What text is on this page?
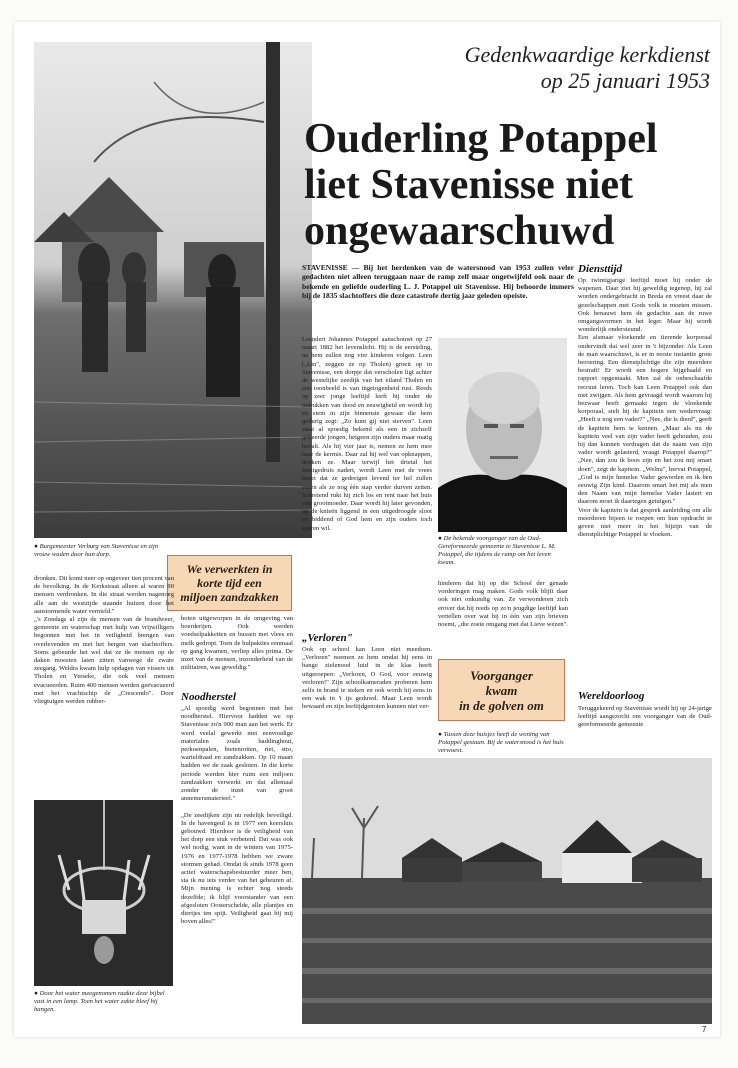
● Burgemeester Verburg van Stavenisse en zijn vrouw waden door hun dorp.
We verwerkten in
korte tijd een
miljoen zandzakken
dronken. Dit komt neer op ongeveer tien procent van de bevolking. In de Kerkstraat alleen al waren 90 mensen verdronken. In die straat werden nagenoeg alle aan de westzijde staande huizen door het aanstormende water vernield."
„'s Zondags al zijn de mensen van de brandweer, gemeente en waterschap met hulp van vrijwilligers begonnen met het in veiligheid brengen van overlevenden en met het bergen van slachtoffers. Soms gebeurde het wel dat ze de mensen op de daken moesten laten zitten vanwege de zware zeegang. Weldra kwam hulp opdagen van vissers uit Tholen en Yerseke, die ook veel mensen evacueerden. Ruim 400 mensen werden geëvacueerd met het vrachtschip de „Crescendo". Door vliegtuigen werden rubber-
● Door het water meegenomen raakte deze bijbel vast in een lamp. Toen het water zakte bleef hij hangen.
boten uitgeworpen in de omgeving van boerderijen. Ook werden voedselpakketten en bussen met vlees en melk gedropt. Toen de hulpakties eenmaal op gang kwamen, verliep alles prima. De inzet van de mensen, inzonderheid van de militairen, was geweldig."
Noodherstel
„Al spoedig werd begonnen met het noodherstel. Hiervoor hadden we op Stavenisse zo'n 900 man aan het werk. Er werd veelal gewerkt met eenvoudige materialen zoals baddinghout, perkoenpalen, bietenrotten, riet, stro, warteldraad en zandzakken. Op 10 maart hadden we de zaak gesloten. In die korte periode werden hier ruim een miljoen zandzakken verwerkt en dat allemaal zonder de inzet van groot annemersmaterieel."

„De zeedijken zijn nu redelijk beveiligd. In de havengeul is in 1977 een keersluis gebouwd. Hierdoor is de veiligheid van het dorp een stuk verbeterd. Dat was ook wel nodig, want in de winters van 1975-1976 en 1977-1978 hebben we zware stormen gehad. Omdat ik sinds 1978 geen actief waterschapsbestuurder meer ben, sta ik nu iets verder van het gebeuren af. Mijn mening is echter nog steeds dezelfde; ik blijf voorstander van een afgesloten Oosterschelde, alle plantjes en diertjes ten spijt. Veiligheid gaat bij mij boven alles!"
Gedenkwaardige kerkdienst
op 25 januari 1953
Ouderling Potappel
liet Stavenisse niet
ongewaarschuwd
STAVENISSE — Bij het herdenken van de watersnood van 1953 zullen veler gedachten niet alleen teruggaan naar de ramp zelf maar ongetwijfeld ook naar de bekende en geliefde ouderling L. J. Potappel uit Stavenisse. Hij behoorde immers bij de 1835 slachtoffers die deze catastrofe dertig jaar geleden opeiste.
Leendert Johannes Potappel aanschouwt op 27 maart 1882 het levenslicht. Hij is de eersteling, na hem zullen nog vier kinderen volgen. Leen („Lin", zeggen ze op Tholen) groeit op in Stavenisse, een dorpje dat verscholen ligt achter de westelijke zeedijk van het eiland Tholen en een toonbeeld is van ingetogenheid rust. Reeds op zeer jonge leeftijd leeft hij onder de indrukken van dood en eeuwigheid en wordt hij en stem in zijn binnenste gewaar die hem gedurig zegt: „Zo kunt gij niet sterven". Leen staat al spoedig bekend als een in zichzelf gekeerde jongen, hetgeen zijn ouders maar matig bevalt. Als hij vier jaar is, nemen ze hem mee naar de kermis. Daar zal hij wel van opknappen, denken ze. Maar terwijl het drietal het feestgedruis nadert, wordt Leen met de vrees bezet dat ze gedreigen levend ter hel zullen varen als ze nog één stap verder durven zetten. Schreiend rukt hij zich los en rent naar het huis van grootmoeder. Daar wordt hij later gevonden, op de knieën liggend in een uitgedroogde sloot en biddend of God hem en zijn ouders toch sparen wil.
„Verloren"
Ook op school kan Leen niet meedoen. „Verloren" noemen ze hem omdat hij eens in bange zielenood luid in de klas heeft uitgeroepen: „Verloren, O God, voor eeuwig verloren!" Zijn schoolkameraden proberen hem zelfs in brand te steken en ook wordt hij eens in een wak in 't ijs geduwd. Maar Leen wordt bewaard en zijn leeftijdgenoten kunnen niet ver-
● De bekende voorganger van de Oud-Gereformeerde gemeente te Stavenisse L. M. Potappel, die tijdens de ramp om het leven kwam.
hinderen dat hij op die School der genade vorderingen mag maken. Gods volk blijft daar ook niet onkundig van. Ze verwonderen zich erover dat hij reeds op zo'n jeugdige leeftijd kan vertellen over wat hij in één van zijn brieven noemt, „die zoete omgang met dat Lieve wezen".
Voorganger
kwam
in de golven om
● Tussen deze huisjes heeft de woning van Potappel gestaan. Bij de watersnood is het huis verwoest.
Diensttijd
Op twintigjarige leeftijd moet hij onder de wapenen. Daar ziet hij geweldig tegenop, hij zal worden ondergebracht in Breda en vreest daar de gezelschappen met Gods volk te moeten missen. Ook benauwt hem de gedachte aan de ruwe omgangsvormen in het leger. Maar hij wordt wonderlijk ondersteund.
Een alsmaar vloekende en tierende korporaal ondervindt dat wel zeer in 't bijzonder. Als Leen de man waarschuwt, is er in eerste instantie grote beroering. Een dienstplichtige die zijn meerdere bestraft! Er wordt een hogere bijgehaald en rapport opgemaakt. Men zal de onbeschaafde recruut leren. Toch kan Leen Potappel ook dan niet zwijgen. Als hem gevraagd wordt waarom hij bezwaar heeft gemaakt tegen de vloekende korporaal, stelt hij de kapitein een wedervraag: „Heeft u nog een vader?" „Nee, die is dood", geeft de kapitein hem te kennen. „Maar als nu de kapitein veel van zijn vader heeft gehouden, zou hij dan kunnen verdragen dat de naam van zijn vader wordt gelasterd, vraagt Potappel daarop?" „Nee, dan zou ik boos zijn en het zou mij smart doen", zegt de kapitein. „Welnu", hervat Potappel, „God is mijn hemelse Vader geworden en ik ben eeuwig Zijn kind. Daarom smart het mij als men den Naam van mijn hemelse Vader lastert en daarom moet ik daartegen getuigen."
Voor de kapitein is dat gesprek aanleiding om alle meerderen bijeen te roepen om hun opdracht te geven niet meer in het bijzijn van de dienstplichtige Potappel te vloeken.
Wereldoorloog
Teruggekeerd op Stavenisse wordt hij op 24-jarige leeftijd aangezocht om voorganger van de Oud-gereformeerde gemeente
7
